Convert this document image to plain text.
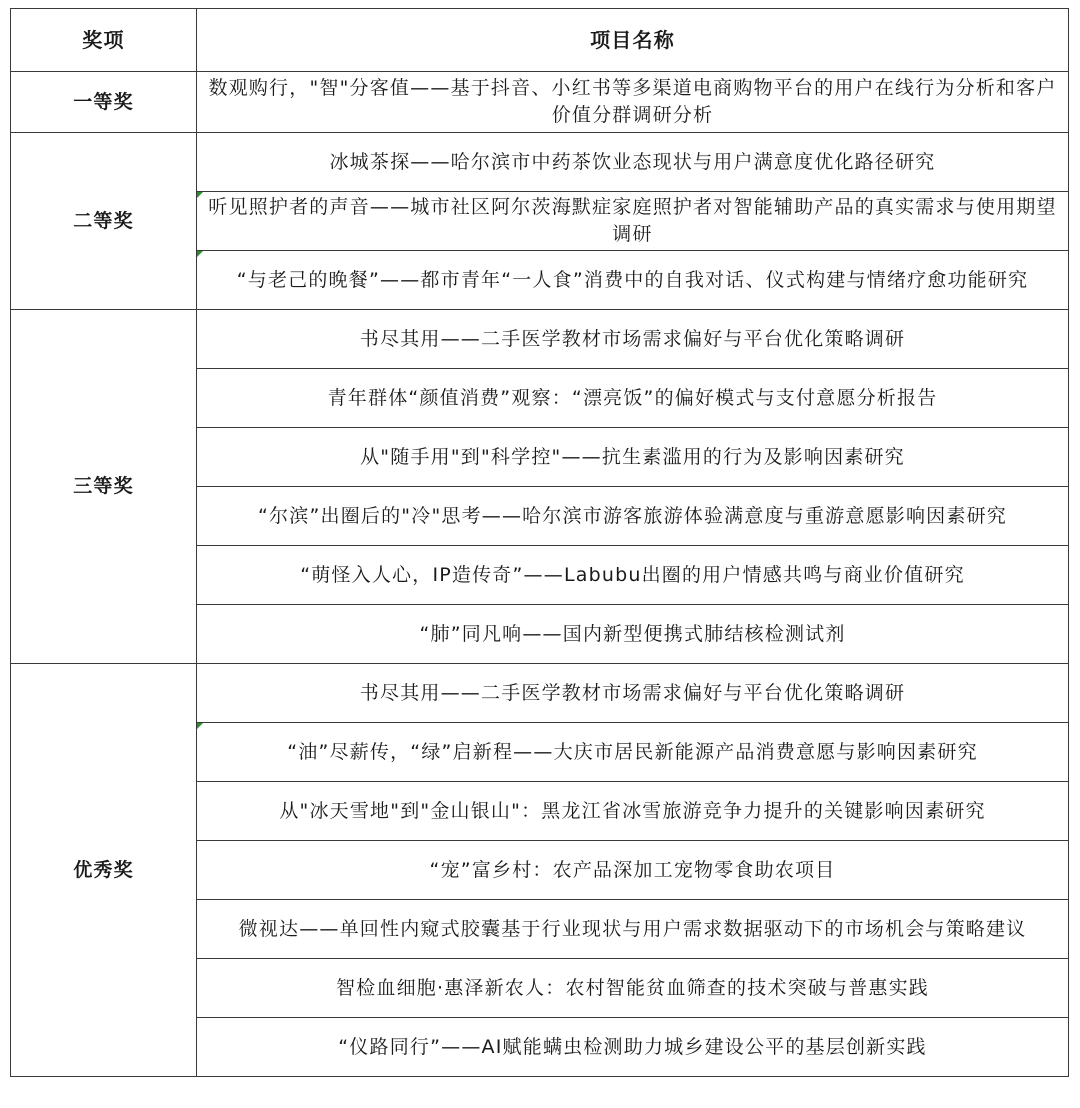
奖项	项目名称
一等奖	数观购行，"智"分客值——基于抖音、小红书等多渠道电商购物平台的用户在线行为分析和客户价值分群调研分析
二等奖	冰城茶探——哈尔滨市中药茶饮业态现状与用户满意度优化路径研究

听见照护者的声音——城市社区阿尔茨海默症家庭照护者对智能辅助产品的真实需求与使用期望调研

“与老己的晚餐”——都市青年“一人食”消费中的自我对话、仪式构建与情绪疗愈功能研究
三等奖	书尽其用——二手医学教材市场需求偏好与平台优化策略调研
	青年群体“颜值消费”观察：“漂亮饭”的偏好模式与支付意愿分析报告
	从"随手用"到"科学控"——抗生素滥用的行为及影响因素研究
	“尔滨”出圈后的"冷"思考——哈尔滨市游客旅游体验满意度与重游意愿影响因素研究
	“萌怪入人心，IP造传奇”——Labubu出圈的用户情感共鸣与商业价值研究
	“肺”同凡响——国内新型便携式肺结核检测试剂
优秀奖	书尽其用——二手医学教材市场需求偏好与平台优化策略调研

“油”尽薪传，“绿”启新程——大庆市居民新能源产品消费意愿与影响因素研究
	从"冰天雪地"到"金山银山"：黑龙江省冰雪旅游竞争力提升的关键影响因素研究
	“宠”富乡村：农产品深加工宠物零食助农项目
	微视达——单回性内窥式胶囊基于行业现状与用户需求数据驱动下的市场机会与策略建议
	智检血细胞·惠泽新农人：农村智能贫血筛查的技术突破与普惠实践
	“仪路同行”——AI赋能螨虫检测助力城乡建设公平的基层创新实践
